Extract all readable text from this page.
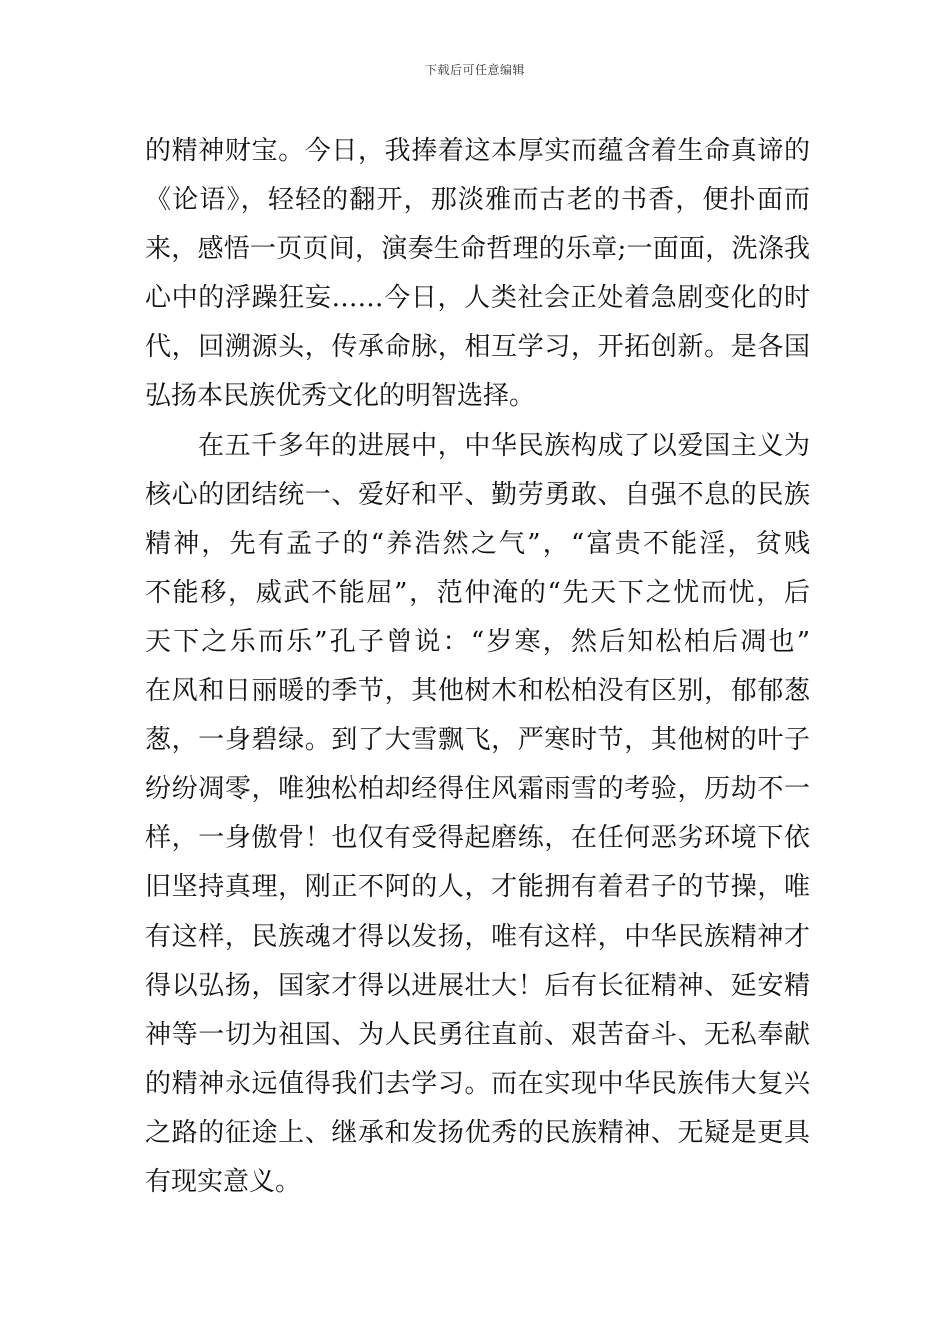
下载后可任意编辑
的精神财宝。今日，我捧着这本厚实而蕴含着生命真谛的
《论语》，轻轻的翻开，那淡雅而古老的书香，便扑面而
来，感悟一页页间，演奏生命哲理的乐章;一面面，洗涤我
心中的浮躁狂妄……今日，人类社会正处着急剧变化的时
代，回溯源头，传承命脉，相互学习，开拓创新。是各国
弘扬本民族优秀文化的明智选择。
在五千多年的进展中，中华民族构成了以爱国主义为
核心的团结统一、爱好和平、勤劳勇敢、自强不息的民族
精神，先有孟子的“养浩然之气”，“富贵不能淫，贫贱
不能移，威武不能屈”，范仲淹的“先天下之忧而忧，后
天下之乐而乐”孔子曾说：“岁寒，然后知松柏后凋也”
在风和日丽暖的季节，其他树木和松柏没有区别，郁郁葱
葱，一身碧绿。到了大雪飘飞，严寒时节，其他树的叶子
纷纷凋零，唯独松柏却经得住风霜雨雪的考验，历劫不一
样，一身傲骨！也仅有受得起磨练，在任何恶劣环境下依
旧坚持真理，刚正不阿的人，才能拥有着君子的节操，唯
有这样，民族魂才得以发扬，唯有这样，中华民族精神才
得以弘扬，国家才得以进展壮大！后有长征精神、延安精
神等一切为祖国、为人民勇往直前、艰苦奋斗、无私奉献
的精神永远值得我们去学习。而在实现中华民族伟大复兴
之路的征途上、继承和发扬优秀的民族精神、无疑是更具
有现实意义。
